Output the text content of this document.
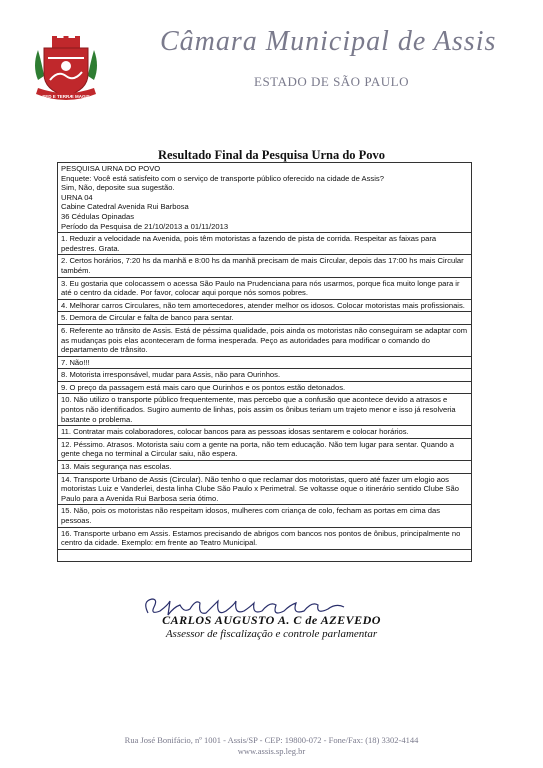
SED E TERRÆ MAGIS
Câmara Municipal de Assis
ESTADO DE SÃO PAULO
Resultado Final da Pesquisa Urna do Povo
PESQUISA URNA DO POVO
Enquete: Você está satisfeito com o serviço de transporte público oferecido na cidade de Assis?
Sim, Não, deposite sua sugestão.
URNA 04
Cabine Catedral Avenida Rui Barbosa
36 Cédulas Opinadas
Período da Pesquisa de 21/10/2013 a 01/11/2013
1. Reduzir a velocidade na Avenida, pois têm motoristas a fazendo de pista de corrida. Respeitar as faixas para pedestres. Grata.
2. Certos horários, 7:20 hs da manhã e 8:00 hs da manhã precisam de mais Circular, depois das 17:00 hs mais Circular também.
3. Eu gostaria que colocassem o acessa São Paulo na Prudenciana para nós usarmos, porque fica muito longe para ir até o centro da cidade. Por favor, colocar aqui porque nós somos pobres.
4. Melhorar carros Circulares, não tem amortecedores, atender melhor os idosos. Colocar motoristas mais profissionais.
5. Demora de Circular e falta de banco para sentar.
6. Referente ao trânsito de Assis. Está de péssima qualidade, pois ainda os motoristas não conseguiram se adaptar com as mudanças pois elas aconteceram de forma inesperada. Peço as autoridades para modificar o comando do departamento de trânsito.
7. Não!!!
8. Motorista irresponsável, mudar para Assis, não para Ourinhos.
9. O preço da passagem está mais caro que Ourinhos e os pontos estão detonados.
10. Não utilizo o transporte público frequentemente, mas percebo que a confusão que acontece devido a atrasos e pontos não identificados. Sugiro aumento de linhas, pois assim os ônibus teriam um trajeto menor e isso já resolveria bastante o problema.
11. Contratar mais colaboradores, colocar bancos para as pessoas idosas sentarem e colocar horários.
12. Péssimo. Atrasos. Motorista saiu com a gente na porta, não tem educação. Não tem lugar para sentar. Quando a gente chega no terminal a Circular saiu, não espera.
13. Mais segurança nas escolas.
14. Transporte Urbano de Assis (Circular). Não tenho o que reclamar dos motoristas, quero até fazer um elogio aos motoristas Luiz e Vanderlei, desta linha Clube São Paulo x Perimetral. Se voltasse oque o itinerário sentido Clube São Paulo para a Avenida Rui Barbosa seria ótimo.
15. Não, pois os motoristas não respeitam idosos, mulheres com criança de colo, fecham as portas em cima das pessoas.
16. Transporte urbano em Assis. Estamos precisando de abrigos com bancos nos pontos de ônibus, principalmente no centro da cidade. Exemplo: em frente ao Teatro Municipal.
CARLOS AUGUSTO A. C de AZEVEDO
Assessor de fiscalização e controle parlamentar
Rua José Bonifácio, nº 1001 - Assis/SP - CEP: 19800-072 - Fone/Fax: (18) 3302-4144
www.assis.sp.leg.br
